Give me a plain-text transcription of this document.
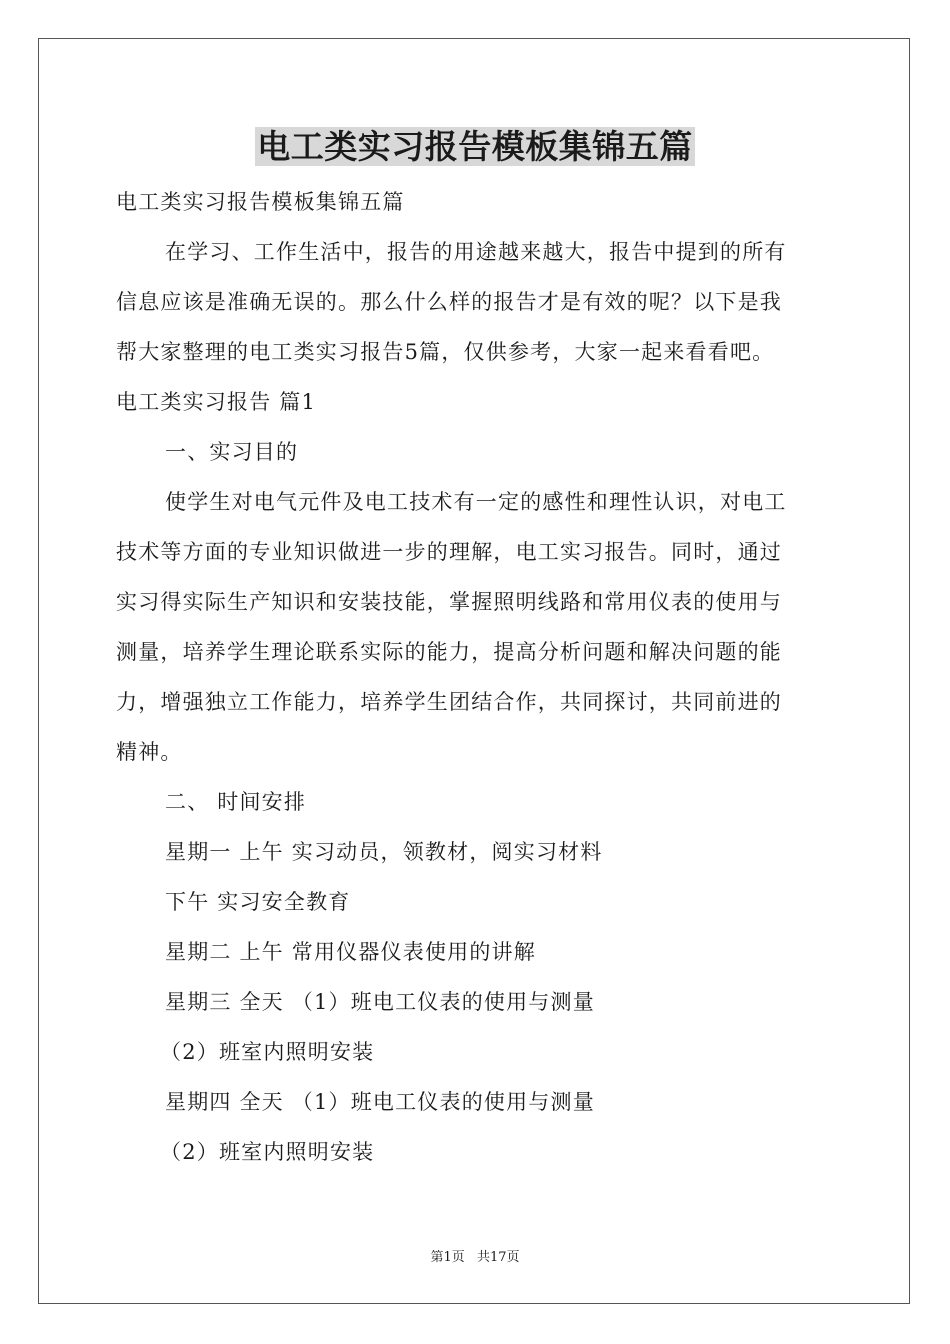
电工类实习报告模板集锦五篇
电工类实习报告模板集锦五篇
在学习、工作生活中，报告的用途越来越大，报告中提到的所有
信息应该是准确无误的。那么什么样的报告才是有效的呢？以下是我
帮大家整理的电工类实习报告5篇，仅供参考，大家一起来看看吧。
电工类实习报告 篇1
一、实习目的
使学生对电气元件及电工技术有一定的感性和理性认识，对电工
技术等方面的专业知识做进一步的理解，电工实习报告。同时，通过
实习得实际生产知识和安装技能，掌握照明线路和常用仪表的使用与
测量，培养学生理论联系实际的能力，提高分析问题和解决问题的能
力，增强独立工作能力，培养学生团结合作，共同探讨，共同前进的
精神。
二、 时间安排
星期一 上午 实习动员，领教材，阅实习材料
下午 实习安全教育
星期二 上午 常用仪器仪表使用的讲解
星期三 全天 （1）班电工仪表的使用与测量
（2）班室内照明安装
星期四 全天 （1）班电工仪表的使用与测量
（2）班室内照明安装
第1页 共17页
